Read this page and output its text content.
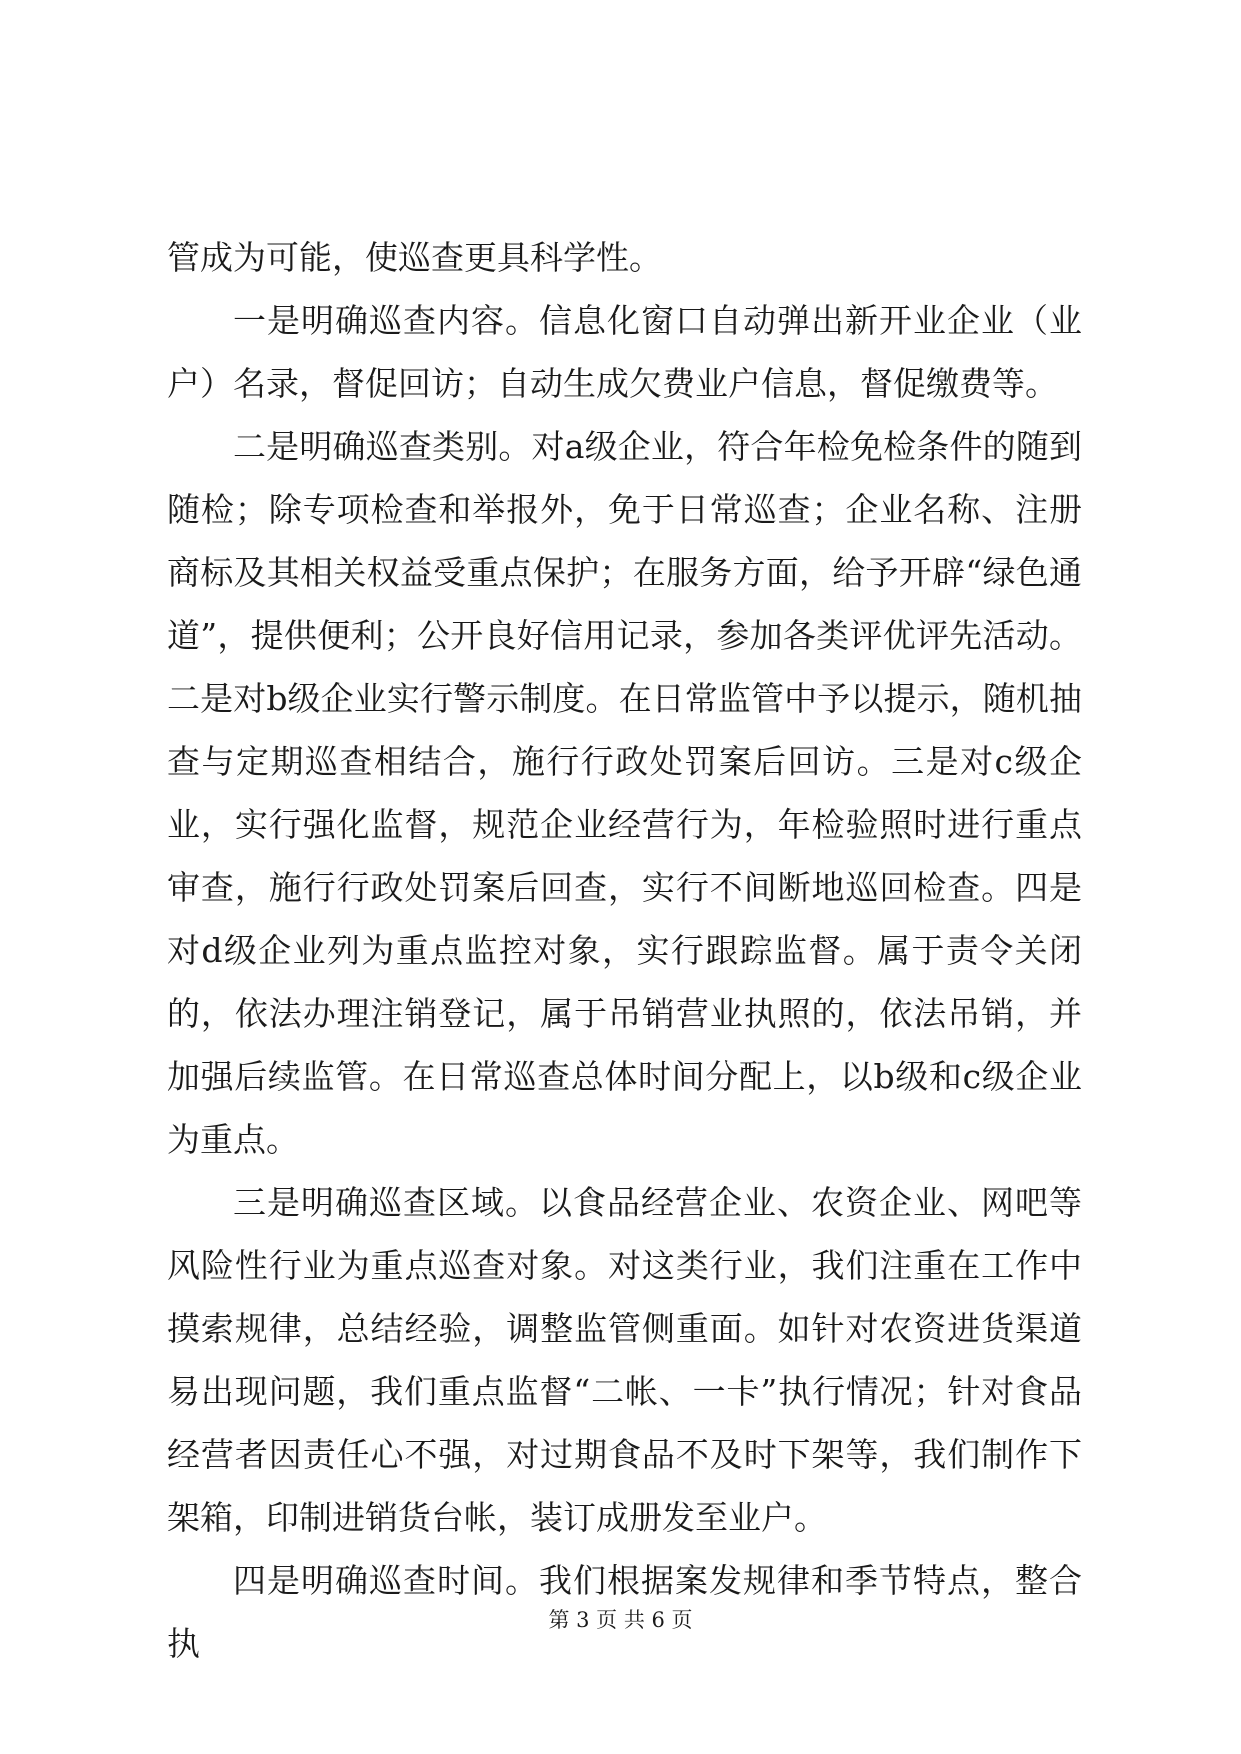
管成为可能，使巡查更具科学性。

一是明确巡查内容。信息化窗口自动弹出新开业企业（业户）名录，督促回访；自动生成欠费业户信息，督促缴费等。

二是明确巡查类别。对a级企业，符合年检免检条件的随到随检；除专项检查和举报外，免于日常巡查；企业名称、注册商标及其相关权益受重点保护；在服务方面，给予开辟“绿色通道”，提供便利；公开良好信用记录，参加各类评优评先活动。二是对b级企业实行警示制度。在日常监管中予以提示，随机抽查与定期巡查相结合，施行行政处罚案后回访。三是对c级企业，实行强化监督，规范企业经营行为，年检验照时进行重点审查，施行行政处罚案后回查，实行不间断地巡回检查。四是对d级企业列为重点监控对象，实行跟踪监督。属于责令关闭的，依法办理注销登记，属于吊销营业执照的，依法吊销，并加强后续监管。在日常巡查总体时间分配上，以b级和c级企业为重点。

三是明确巡查区域。以食品经营企业、农资企业、网吧等风险性行业为重点巡查对象。对这类行业，我们注重在工作中摸索规律，总结经验，调整监管侧重面。如针对农资进货渠道易出现问题，我们重点监督“二帐、一卡”执行情况；针对食品经营者因责任心不强，对过期食品不及时下架等，我们制作下架箱，印制进销货台帐，装订成册发至业户。

四是明确巡查时间。我们根据案发规律和季节特点，整合执

第 3 页 共 6 页
